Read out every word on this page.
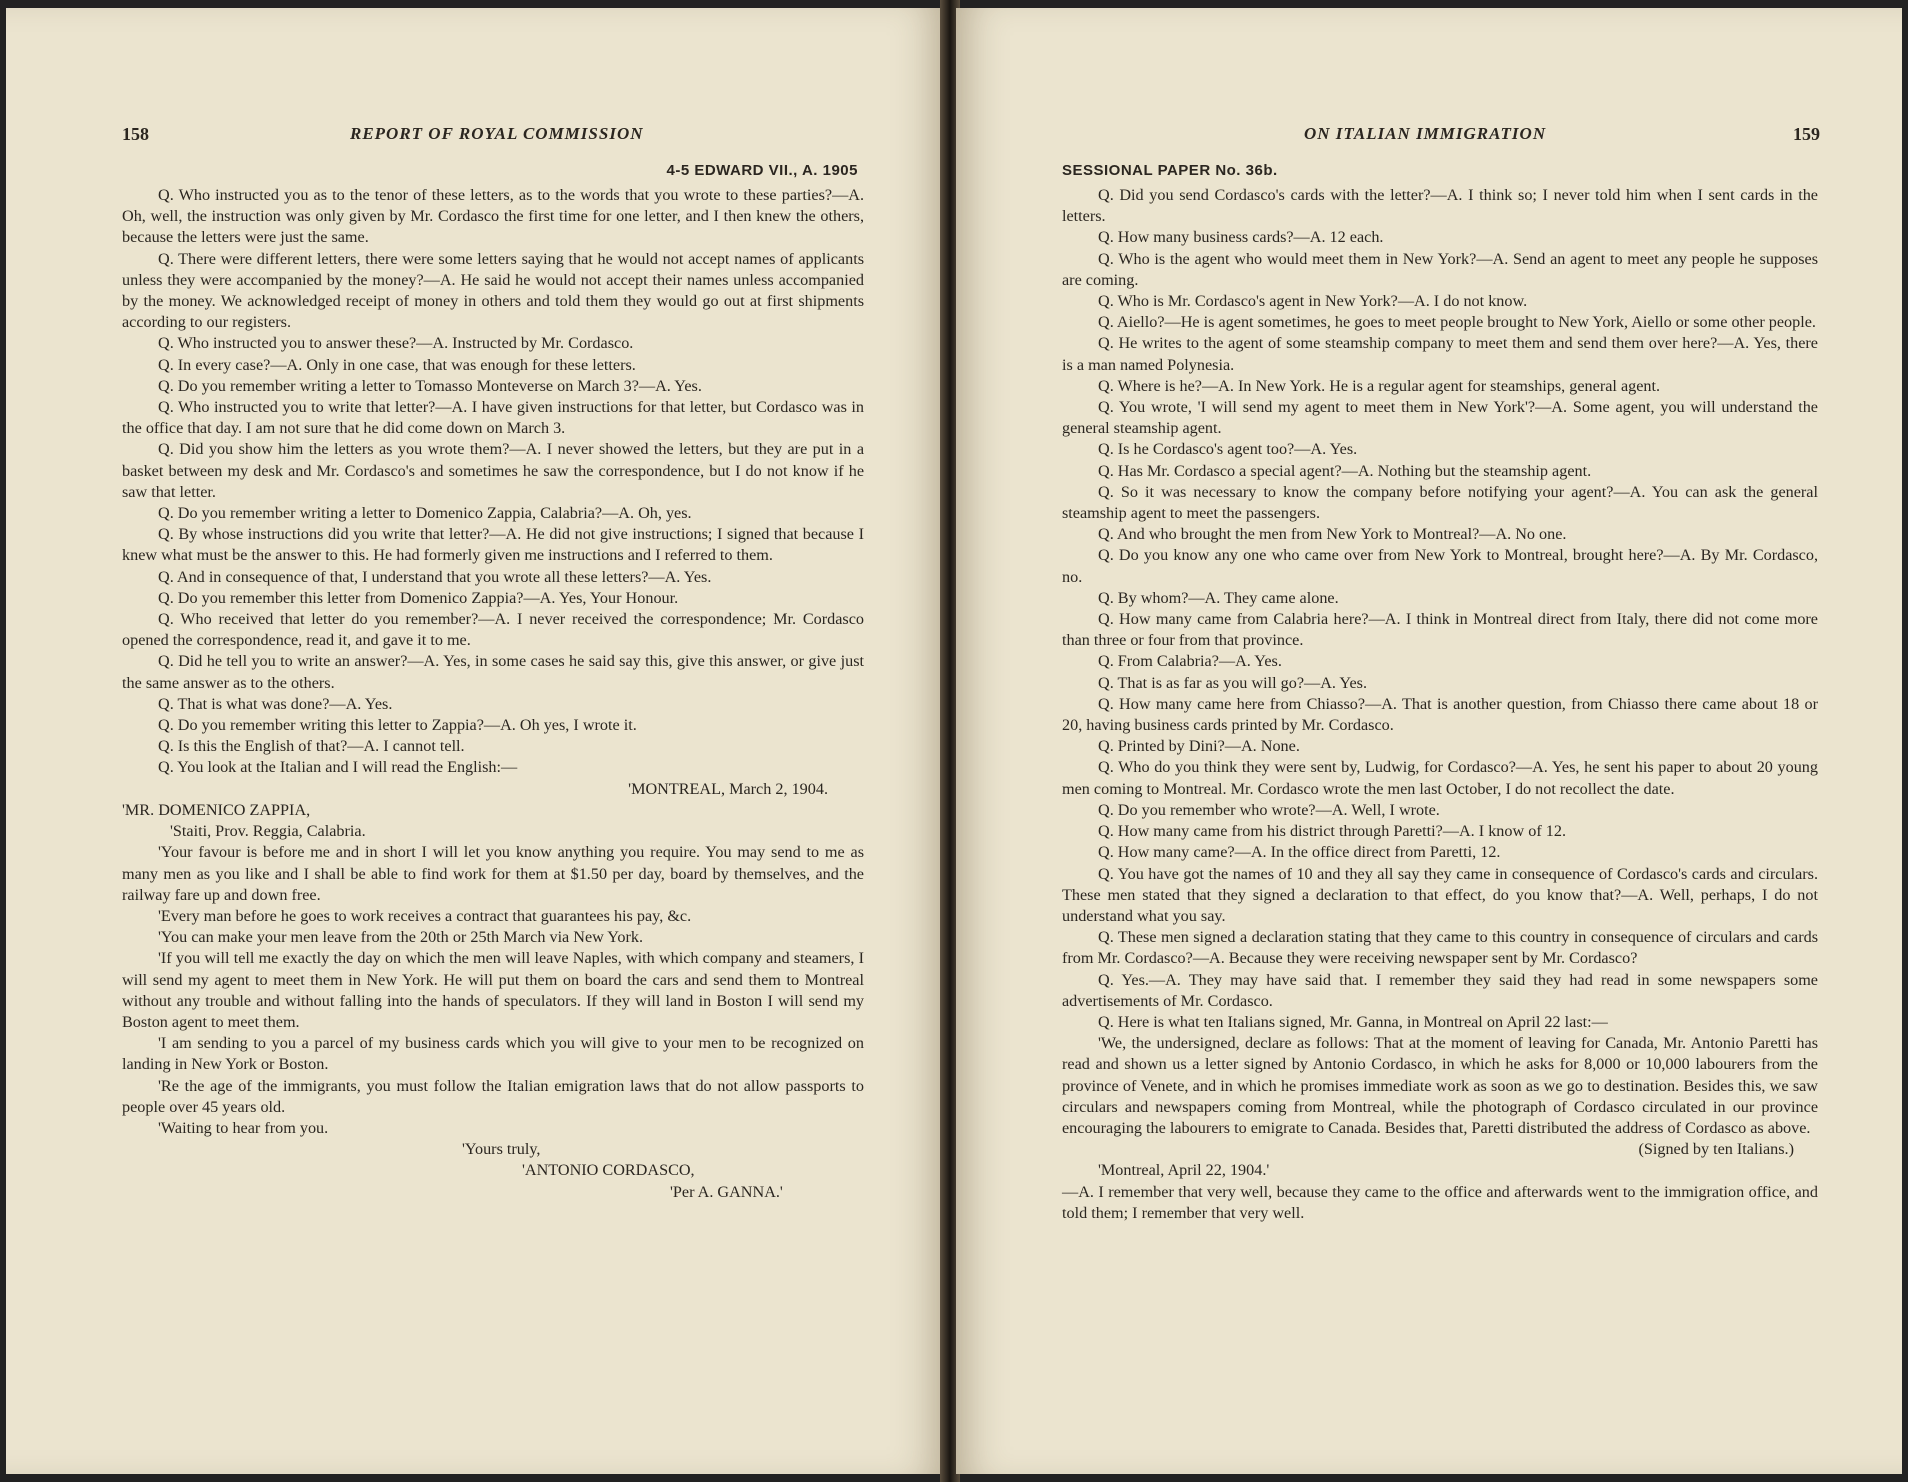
158	REPORT OF ROYAL COMMISSION
4-5 EDWARD VII., A. 1905

Q. Who instructed you as to the tenor of these letters, as to the words that you wrote to these parties?—A. Oh, well, the instruction was only given by Mr. Cordasco the first time for one letter, and I then knew the others, because the letters were just the same.

Q. There were different letters, there were some letters saying that he would not accept names of applicants unless they were accompanied by the money?—A. He said he would not accept their names unless accompanied by the money. We acknowledged receipt of money in others and told them they would go out at first shipments according to our registers.

Q. Who instructed you to answer these?—A. Instructed by Mr. Cordasco.

Q. In every case?—A. Only in one case, that was enough for these letters.

Q. Do you remember writing a letter to Tomasso Monteverse on March 3?—A. Yes.

Q. Who instructed you to write that letter?—A. I have given instructions for that letter, but Cordasco was in the office that day. I am not sure that he did come down on March 3.

Q. Did you show him the letters as you wrote them?—A. I never showed the letters, but they are put in a basket between my desk and Mr. Cordasco's and sometimes he saw the correspondence, but I do not know if he saw that letter.

Q. Do you remember writing a letter to Domenico Zappia, Calabria?—A. Oh, yes.

Q. By whose instructions did you write that letter?—A. He did not give instructions; I signed that because I knew what must be the answer to this. He had formerly given me instructions and I referred to them.

Q. And in consequence of that, I understand that you wrote all these letters?—A. Yes.

Q. Do you remember this letter from Domenico Zappia?—A. Yes, Your Honour.

Q. Who received that letter do you remember?—A. I never received the correspondence; Mr. Cordasco opened the correspondence, read it, and gave it to me.

Q. Did he tell you to write an answer?—A. Yes, in some cases he said say this, give this answer, or give just the same answer as to the others.

Q. That is what was done?—A. Yes.

Q. Do you remember writing this letter to Zappia?—A. Oh yes, I wrote it.

Q. Is this the English of that?—A. I cannot tell.

Q. You look at the Italian and I will read the English:—

'MONTREAL, March 2, 1904.

'MR. DOMENICO ZAPPIA,

'Staiti, Prov. Reggia, Calabria.

'Your favour is before me and in short I will let you know anything you require. You may send to me as many men as you like and I shall be able to find work for them at $1.50 per day, board by themselves, and the railway fare up and down free.

'Every man before he goes to work receives a contract that guarantees his pay, &c.

'You can make your men leave from the 20th or 25th March via New York.

'If you will tell me exactly the day on which the men will leave Naples, with which company and steamers, I will send my agent to meet them in New York. He will put them on board the cars and send them to Montreal without any trouble and without falling into the hands of speculators. If they will land in Boston I will send my Boston agent to meet them.

'I am sending to you a parcel of my business cards which you will give to your men to be recognized on landing in New York or Boston.

'Re the age of the immigrants, you must follow the Italian emigration laws that do not allow passports to people over 45 years old.

'Waiting to hear from you.

'Yours truly,

'ANTONIO CORDASCO,

'Per A. GANNA.'

ON ITALIAN IMMIGRATION	159
SESSIONAL PAPER No. 36b.

Q. Did you send Cordasco's cards with the letter?—A. I think so; I never told him when I sent cards in the letters.

Q. How many business cards?—A. 12 each.

Q. Who is the agent who would meet them in New York?—A. Send an agent to meet any people he supposes are coming.

Q. Who is Mr. Cordasco's agent in New York?—A. I do not know.

Q. Aiello?—He is agent sometimes, he goes to meet people brought to New York, Aiello or some other people.

Q. He writes to the agent of some steamship company to meet them and send them over here?—A. Yes, there is a man named Polynesia.

Q. Where is he?—A. In New York. He is a regular agent for steamships, general agent.

Q. You wrote, 'I will send my agent to meet them in New York'?—A. Some agent, you will understand the general steamship agent.

Q. Is he Cordasco's agent too?—A. Yes.

Q. Has Mr. Cordasco a special agent?—A. Nothing but the steamship agent.

Q. So it was necessary to know the company before notifying your agent?—A. You can ask the general steamship agent to meet the passengers.

Q. And who brought the men from New York to Montreal?—A. No one.

Q. Do you know any one who came over from New York to Montreal, brought here?—A. By Mr. Cordasco, no.

Q. By whom?—A. They came alone.

Q. How many came from Calabria here?—A. I think in Montreal direct from Italy, there did not come more than three or four from that province.

Q. From Calabria?—A. Yes.

Q. That is as far as you will go?—A. Yes.

Q. How many came here from Chiasso?—A. That is another question, from Chiasso there came about 18 or 20, having business cards printed by Mr. Cordasco.

Q. Printed by Dini?—A. None.

Q. Who do you think they were sent by, Ludwig, for Cordasco?—A. Yes, he sent his paper to about 20 young men coming to Montreal. Mr. Cordasco wrote the men last October, I do not recollect the date.

Q. Do you remember who wrote?—A. Well, I wrote.

Q. How many came from his district through Paretti?—A. I know of 12.

Q. How many came?—A. In the office direct from Paretti, 12.

Q. You have got the names of 10 and they all say they came in consequence of Cordasco's cards and circulars. These men stated that they signed a declaration to that effect, do you know that?—A. Well, perhaps, I do not understand what you say.

Q. These men signed a declaration stating that they came to this country in consequence of circulars and cards from Mr. Cordasco?—A. Because they were receiving newspaper sent by Mr. Cordasco?

Q. Yes.—A. They may have said that. I remember they said they had read in some newspapers some advertisements of Mr. Cordasco.

Q. Here is what ten Italians signed, Mr. Ganna, in Montreal on April 22 last:—

'We, the undersigned, declare as follows: That at the moment of leaving for Canada, Mr. Antonio Paretti has read and shown us a letter signed by Antonio Cordasco, in which he asks for 8,000 or 10,000 labourers from the province of Venete, and in which he promises immediate work as soon as we go to destination. Besides this, we saw circulars and newspapers coming from Montreal, while the photograph of Cordasco circulated in our province encouraging the labourers to emigrate to Canada. Besides that, Paretti distributed the address of Cordasco as above.

(Signed by ten Italians.)

'Montreal, April 22, 1904.'

—A. I remember that very well, because they came to the office and afterwards went to the immigration office, and told them; I remember that very well.
